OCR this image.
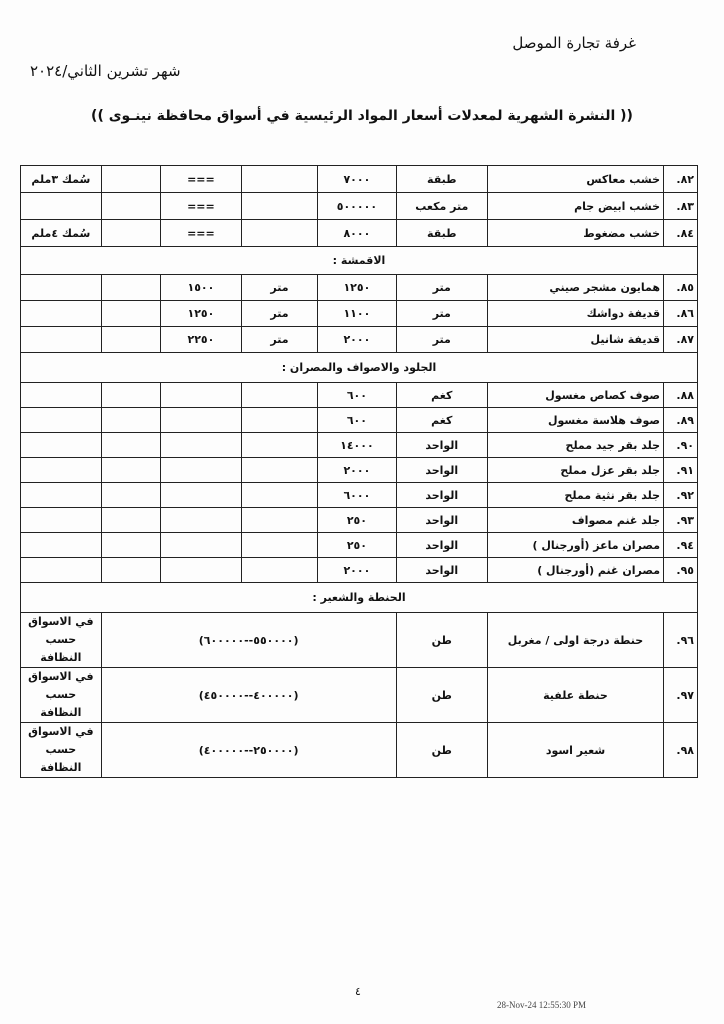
غرفة تجارة الموصل
شهر تشرين الثاني/٢٠٢٤
(( النشرة الشهرية لمعدلات أسعار المواد الرئيسية في أسواق محافظة نينـوى ))
٨٢.	خشب معاكس	طبقة	٧٠٠٠		===		سُمك ٣ملم
٨٣.	خشب ابيض جام	متر مكعب	٥٠٠٠٠٠		===		
٨٤.	خشب مضغوط	طبقة	٨٠٠٠		===		سُمك ٤ملم
الاقمشة :							
٨٥.	همايون مشجر صيني	متر	١٢٥٠	متر	١٥٠٠		
٨٦.	قديفة دواشك	متر	١١٠٠	متر	١٢٥٠		
٨٧.	قديفة شانيل	متر	٢٠٠٠	متر	٢٢٥٠		
الجلود والاصواف والمصران :							
٨٨.	صوف كصاص مغسول	كغم	٦٠٠				
٨٩.	صوف هلاسة مغسول	كغم	٦٠٠				
٩٠.	جلد بقر جيد مملح	الواحد	١٤٠٠٠				
٩١.	جلد بقر عزل مملح	الواحد	٢٠٠٠				
٩٢.	جلد بقر نثية مملح	الواحد	٦٠٠٠				
٩٣.	جلد غنم مصواف	الواحد	٢٥٠				
٩٤.	مصران ماعز (أورجنال )	الواحد	٢٥٠				
٩٥.	مصران غنم (أورجنال )	الواحد	٢٠٠٠				
الحنطة والشعير :							
٩٦.	حنطة درجة اولى / مغربل	طن	(٥٥٠٠٠٠--٦٠٠٠٠٠)				في الاسواق
حسب النظافة

٩٧.	حنطة علفية	طن	(٤٠٠٠٠٠--٤٥٠٠٠٠)				في الاسواق
حسب النظافة

٩٨.	شعير اسود	طن	(٢٥٠٠٠٠--٤٠٠٠٠٠)				في الاسواق
حسب النظافة
٤
28-Nov-24 12:55:30 PM
